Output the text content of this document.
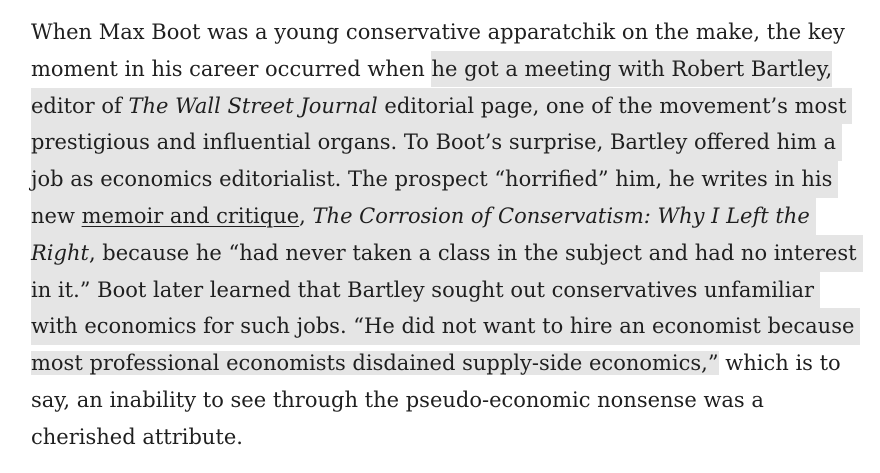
When Max Boot was a young conservative apparatchik on the make, the key
moment in his career occurred when he got a meeting with Robert Bartley,
editor of The Wall Street Journal editorial page, one of the movement’s most
prestigious and influential organs. To Boot’s surprise, Bartley offered him a
job as economics editorialist. The prospect “horrified” him, he writes in his
new memoir and critique, The Corrosion of Conservatism: Why I Left the
Right, because he “had never taken a class in the subject and had no interest
in it.” Boot later learned that Bartley sought out conservatives unfamiliar
with economics for such jobs. “He did not want to hire an economist because
most professional economists disdained supply-side economics,” which is to
say, an inability to see through the pseudo-economic nonsense was a
cherished attribute.
